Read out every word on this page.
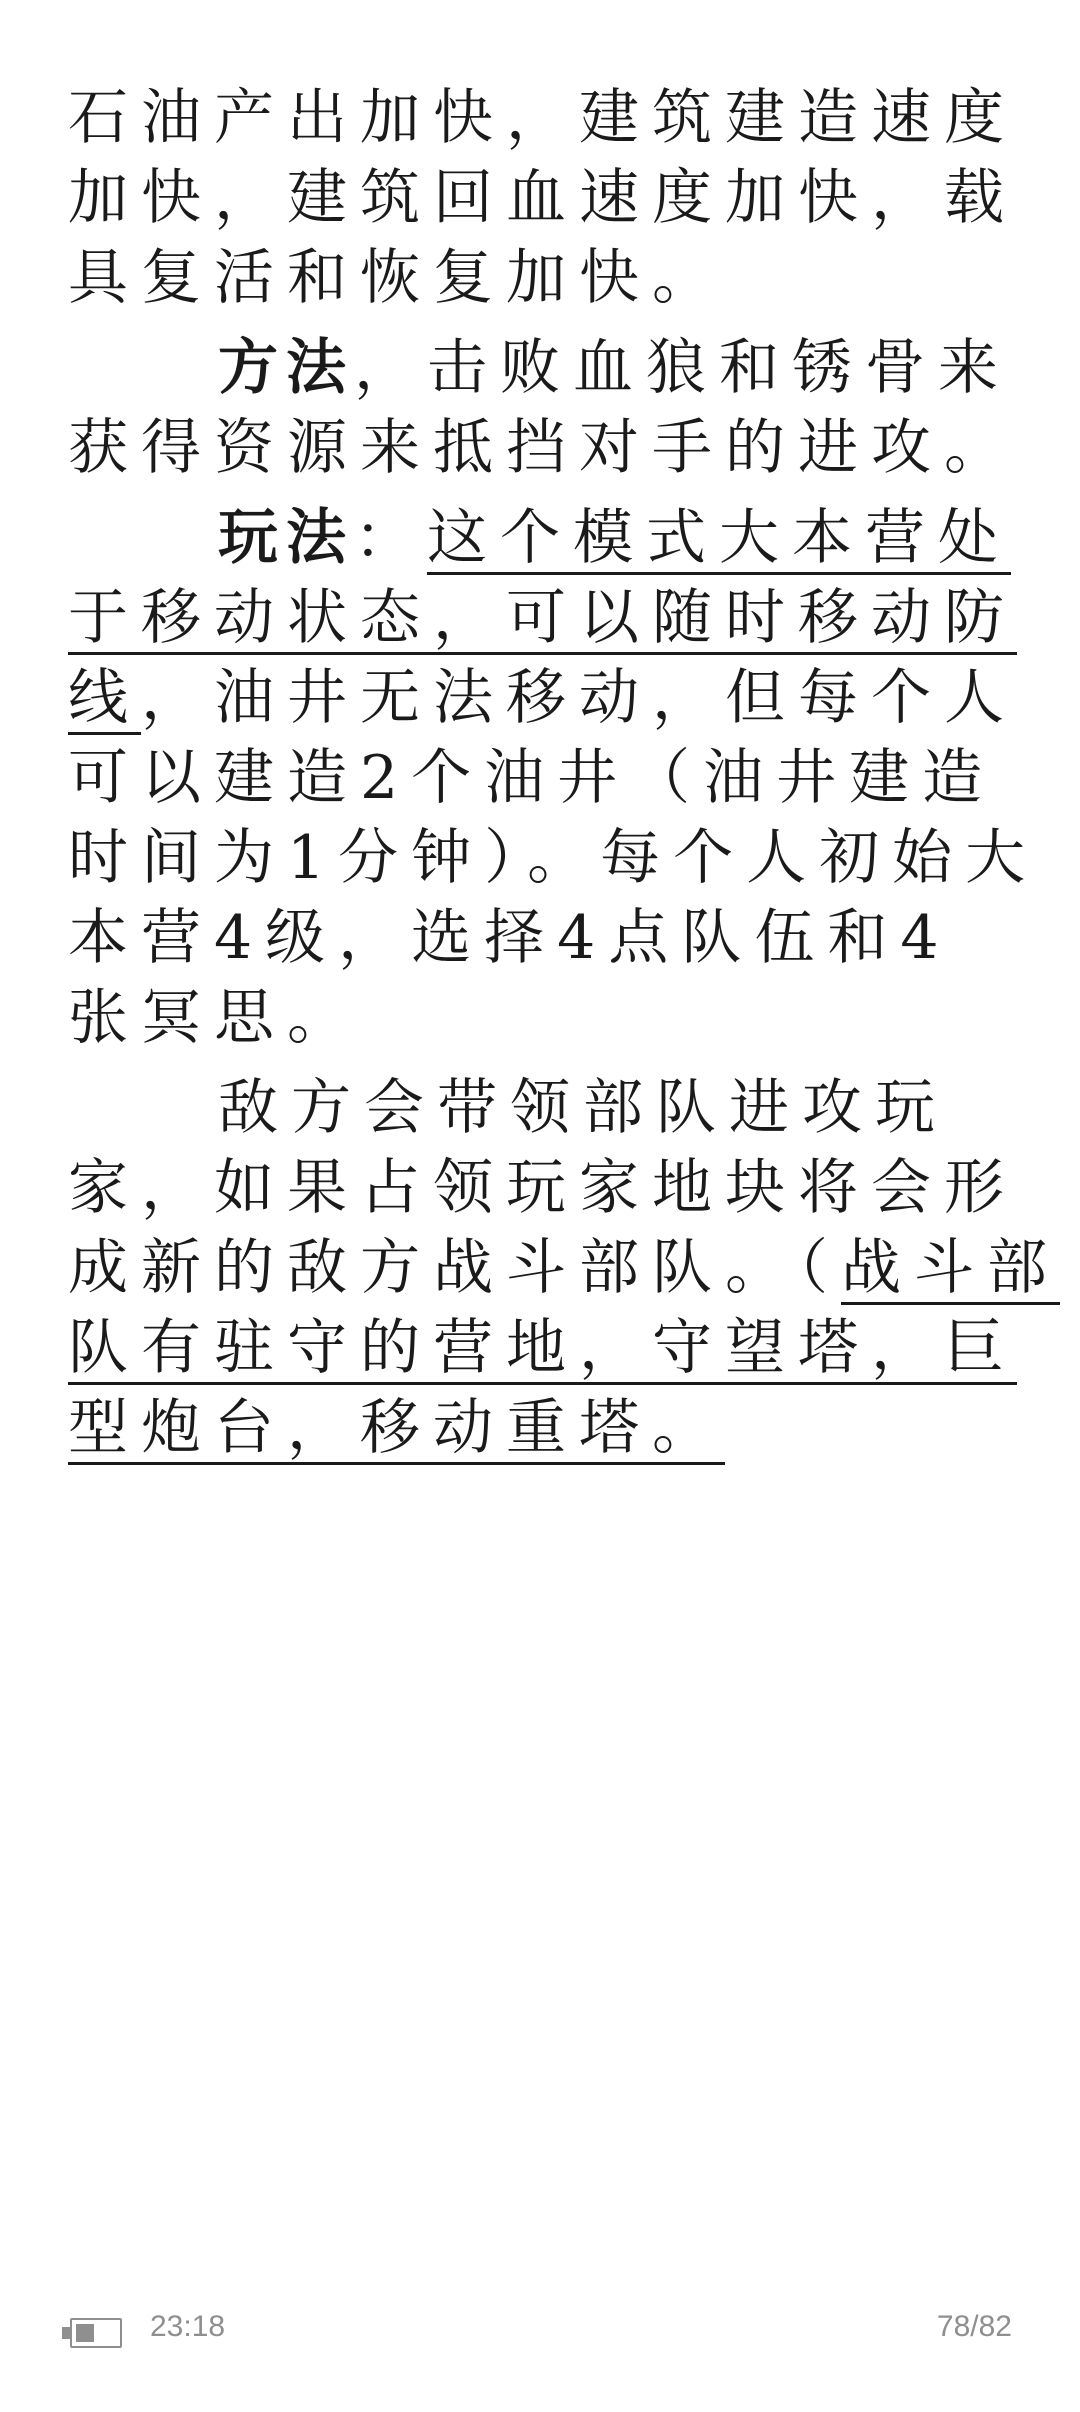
石油产出加快，建筑建造速度
加快，建筑回血速度加快，载
具复活和恢复加快。
方法，击败血狼和锈骨来
获得资源来抵挡对手的进攻。
玩法：这个模式大本营处
于移动状态，可以随时移动防
线，油井无法移动，但每个人
可以建造2个油井（油井建造
时间为1分钟）。每个人初始大
本营4级，选择4点队伍和4
张冥思。
敌方会带领部队进攻玩
家，如果占领玩家地块将会形
成新的敌方战斗部队。（战斗部
队有驻守的营地，守望塔，巨
型炮台，移动重塔。
23:18	78/82
